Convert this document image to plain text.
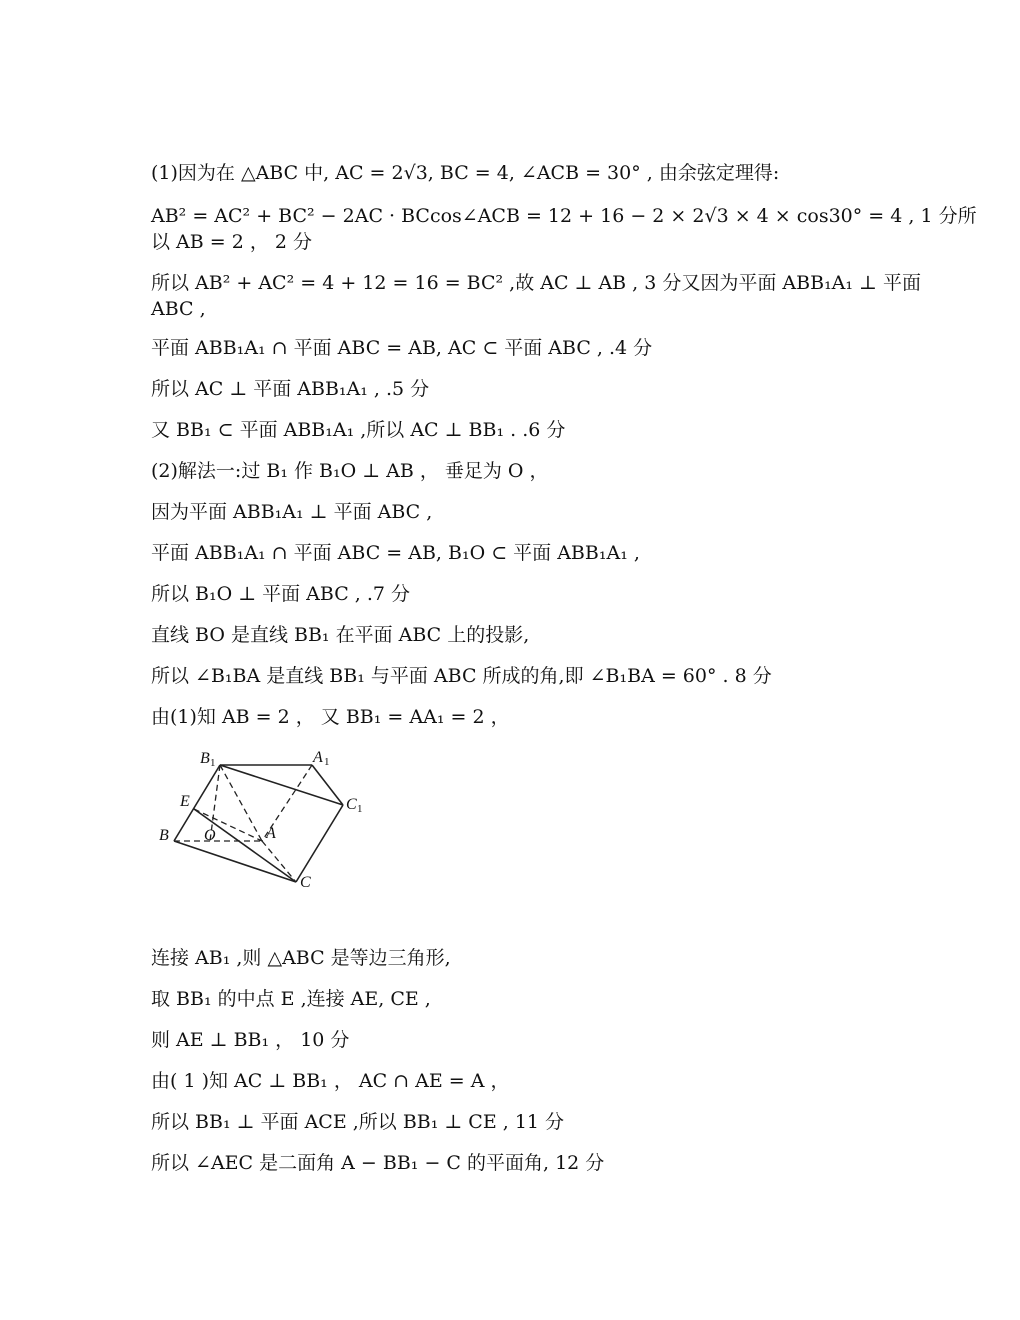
(1)因为在 △ABC 中, AC = 2√3, BC = 4, ∠ACB = 30° , 由余弦定理得:
AB² = AC² + BC² − 2AC · BCcos∠ACB = 12 + 16 − 2 × 2√3 × 4 × cos30° = 4 , 1 分所
以 AB = 2 ， 2 分
所以 AB² + AC² = 4 + 12 = 16 = BC² ,故 AC ⊥ AB , 3 分又因为平面 ABB₁A₁ ⊥ 平面
ABC ,
平面 ABB₁A₁ ∩ 平面 ABC = AB, AC ⊂ 平面 ABC , .4 分
所以 AC ⊥ 平面 ABB₁A₁ , .5 分
又 BB₁ ⊂ 平面 ABB₁A₁ ,所以 AC ⊥ BB₁ . .6 分
(2)解法一:过 B₁ 作 B₁O ⊥ AB ， 垂足为 O ，
因为平面 ABB₁A₁ ⊥ 平面 ABC ,
平面 ABB₁A₁ ∩ 平面 ABC = AB, B₁O ⊂ 平面 ABB₁A₁ ,
所以 B₁O ⊥ 平面 ABC , .7 分
直线 BO 是直线 BB₁ 在平面 ABC 上的投影,
所以 ∠B₁BA 是直线 BB₁ 与平面 ABC 所成的角,即 ∠B₁BA = 60° . 8 分
由(1)知 AB = 2 ， 又 BB₁ = AA₁ = 2 ，
B 1	A 1
C 1
E
B O	A
C
连接 AB₁ ,则 △ABC 是等边三角形,
取 BB₁ 的中点 E ,连接 AE, CE ,
则 AE ⊥ BB₁ ， 10 分
由( 1 )知 AC ⊥ BB₁ ， AC ∩ AE = A ，
所以 BB₁ ⊥ 平面 ACE ,所以 BB₁ ⊥ CE , 11 分
所以 ∠AEC 是二面角 A − BB₁ − C 的平面角, 12 分
